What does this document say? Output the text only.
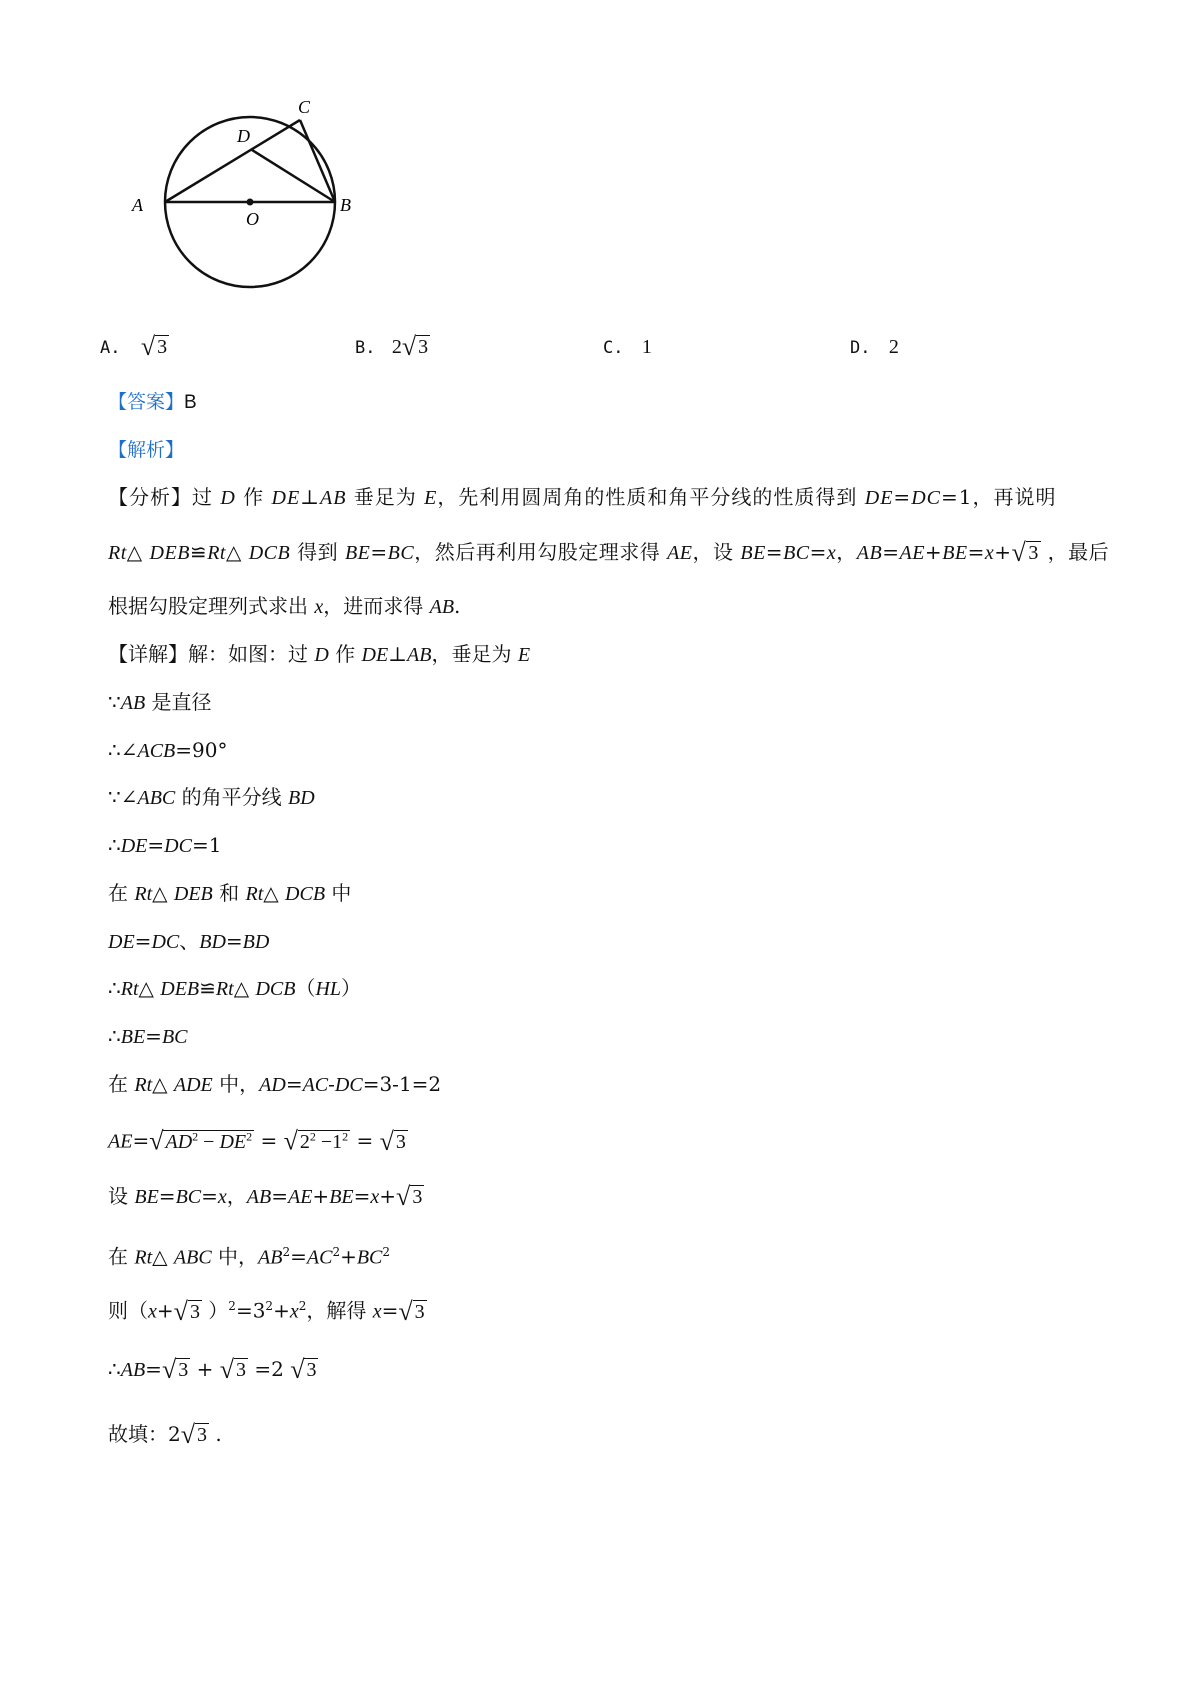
A	B
C
D
O
A. √ 3	B. 2√ 3	C. 1	D. 2
【答案】B
【解析】
【分析】过 D 作 DE⊥AB 垂足为 E，先利用圆周角的性质和角平分线的性质得到 DE=DC=1，再说明
Rt△ DEB≌Rt△ DCB 得到 BE=BC，然后再利用勾股定理求得 AE，设 BE=BC=x，AB=AE+BE=x+√ 3 ，最后
根据勾股定理列式求出 x，进而求得 AB.
【详解】解：如图：过 D 作 DE⊥AB，垂足为 E
∵AB 是直径
∴∠ACB=90°
∵∠ABC 的角平分线 BD
∴DE=DC=1
在 Rt△ DEB 和 Rt△ DCB 中
DE=DC、BD=BD
∴Rt△ DEB≌Rt△ DCB（HL）
∴BE=BC
在 Rt△ ADE 中，AD=AC-DC=3-1=2
AE=√ $AD^2 - DE^2$ = √ $2^2 -1^2$ = √ 3
设 BE=BC=x，AB=AE+BE=x+√ 3
在 Rt△ ABC 中，$AB^2=AC^2+BC^2$
则（x+√ 3 ）$^2=3^2+x^2$，解得 x=√ 3
∴AB=√ 3 + √ 3 =2 √ 3
故填：2√ 3 .
